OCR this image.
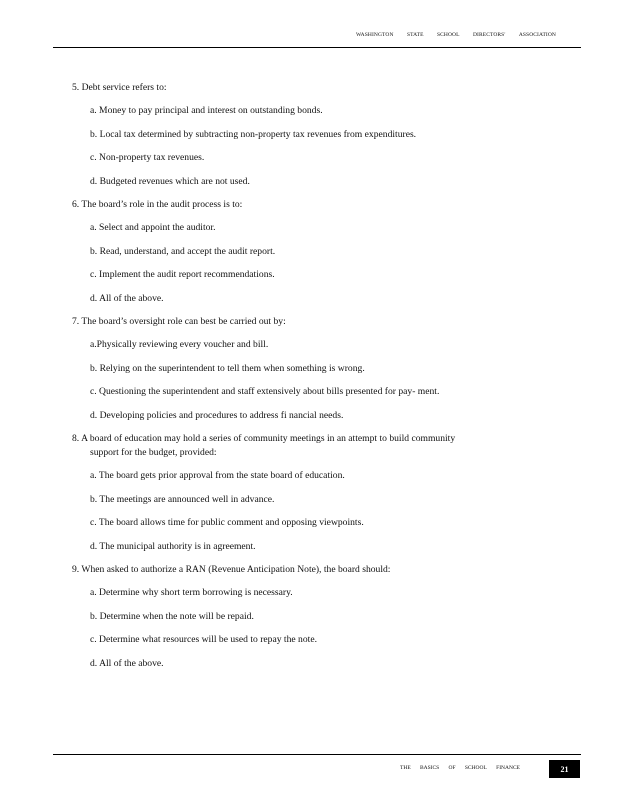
WASHINGTON STATE SCHOOL DIRECTORS' ASSOCIATION
5. Debt service refers to:
a. Money to pay principal and interest on outstanding bonds.
b. Local tax determined by subtracting non-property tax revenues from expenditures.
c. Non-property tax revenues.
d. Budgeted revenues which are not used.
6. The board’s role in the audit process is to:
a. Select and appoint the auditor.
b. Read, understand, and accept the audit report.
c. Implement the audit report recommendations.
d. All of the above.
7. The board’s oversight role can best be carried out by:
a.Physically reviewing every voucher and bill.
b. Relying on the superintendent to tell them when something is wrong.
c. Questioning the superintendent and staff extensively about bills presented for pay- ment.
d. Developing policies and procedures to address fi nancial needs.
8. A board of education may hold a series of community meetings in an attempt to build community support for the budget, provided:
a. The board gets prior approval from the state board of education.
b. The meetings are announced well in advance.
c. The board allows time for public comment and opposing viewpoints.
d. The municipal authority is in agreement.
9. When asked to authorize a RAN (Revenue Anticipation Note), the board should:
a. Determine why short term borrowing is necessary.
b. Determine when the note will be repaid.
c. Determine what resources will be used to repay the note.
d. All of the above.
THE BASICS OF SCHOOL FINANCE	21
